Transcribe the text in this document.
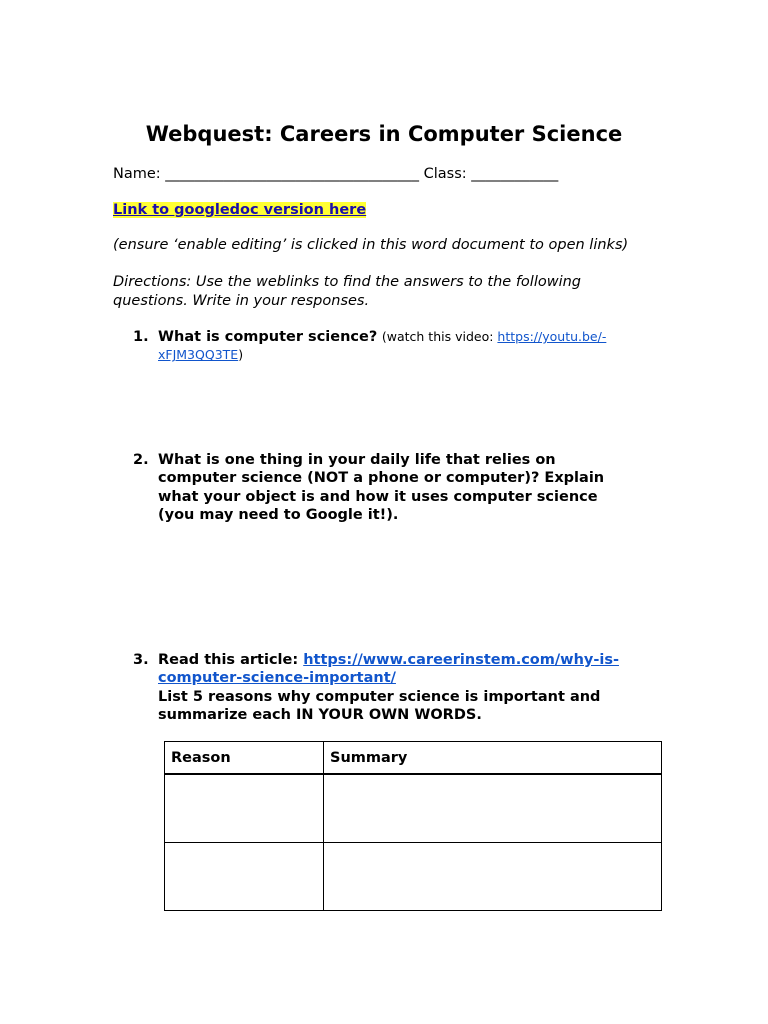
Webquest: Careers in Computer Science
Name: ___________________________________ Class: ____________
Link to googledoc version here
(ensure ‘enable editing’ is clicked in this word document to open links)
Directions: Use the weblinks to find the answers to the following questions. Write in your responses.
1. What is computer science? (watch this video: https://youtu.be/-xFJM3QQ3TE)
2. What is one thing in your daily life that relies on computer science (NOT a phone or computer)? Explain what your object is and how it uses computer science (you may need to Google it!).
3. Read this article: https://www.careerinstem.com/why-is-computer-science-important/
List 5 reasons why computer science is important and summarize each IN YOUR OWN WORDS.
Reason	Summary
